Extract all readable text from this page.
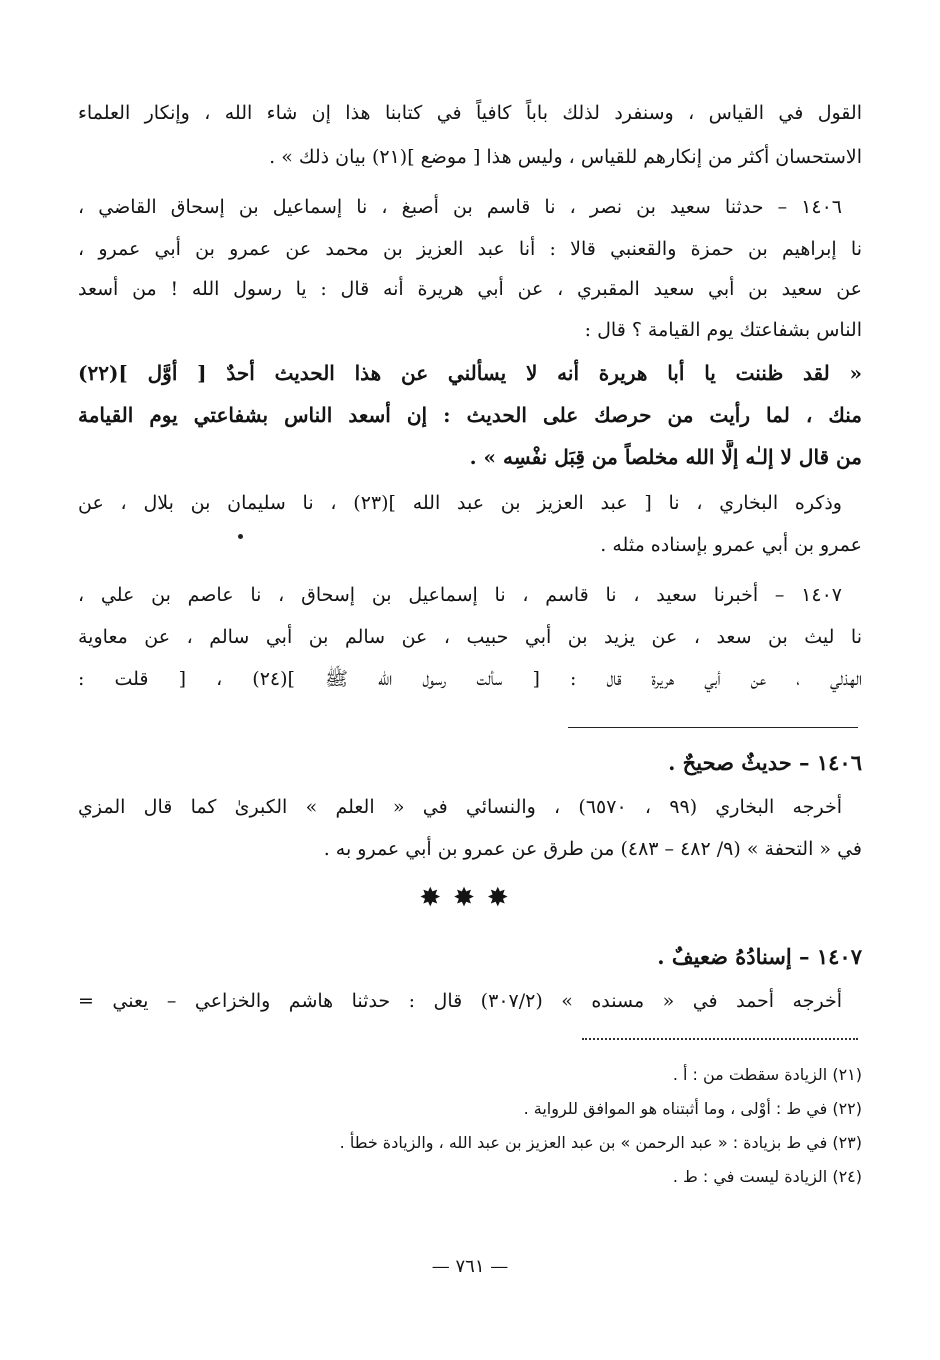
القول في القياس ، وسنفرد لذلك باباً كافياً في كتابنا هذا إن شاء الله ، وإنكار العلماء
الاستحسان أكثر من إنكارهم للقياس ، وليس هذا [ موضع ](٢١) بيان ذلك » .
١٤٠٦ – حدثنا سعيد بن نصر ، نا قاسم بن أصبغ ، نا إسماعيل بن إسحاق القاضي ،
نا إبراهيم بن حمزة والقعنبي قالا : أنا عبد العزيز بن محمد عن عمرو بن أبي عمرو ،
عن سعيد بن أبي سعيد المقبري ، عن أبي هريرة أنه قال : يا رسول الله ! من أسعد
الناس بشفاعتك يوم القيامة ؟ قال :
« لقد ظننت يا أبا هريرة أنه لا يسألني عن هذا الحديث أحدٌ [ أوَّل ](٢٢)
منك ، لما رأيت من حرصك على الحديث : إن أسعد الناس بشفاعتي يوم القيامة
من قال لا إلـٰه إلَّا الله مخلصاً من قِبَل نفْسِه » .
وذكره البخاري ، نا [ عبد العزيز بن عبد الله ](٢٣) ، نا سليمان بن بلال ، عن
عمرو بن أبي عمرو بإسناده مثله .
١٤٠٧ – أخبرنا سعيد ، نا قاسم ، نا إسماعيل بن إسحاق ، نا عاصم بن علي ،
نا ليث بن سعد ، عن يزيد بن أبي حبيب ، عن سالم بن أبي سالم ، عن معاوية
الهذلي ، عن أبي هريرة قال : [ سألت رسول الله ﷺ ](٢٤) ، [ قلت :
١٤٠٦ – حديثٌ صحيحٌ .
أخرجه البخاري (٩٩ ، ٦٥٧٠) ، والنسائي في « العلم » الكبرىٰ كما قال المزي
في « التحفة » (٩/ ٤٨٢ – ٤٨٣) من طرق عن عمرو بن أبي عمرو به .
✸✸✸
١٤٠٧ – إسنادُهُ ضعيفٌ .
أخرجه أحمد في « مسنده » (٣٠٧/٢) قال : حدثنا هاشم والخزاعي – يعني =
(٢١) الزيادة سقطت من : أ .
(٢٢) في ط : أوْلى ، وما أثبتناه هو الموافق للرواية .
(٢٣) في ط بزيادة : « عبد الرحمن » بن عبد العزيز بن عبد الله ، والزيادة خطأ .
(٢٤) الزيادة ليست في : ط .
— ٧٦١ —
